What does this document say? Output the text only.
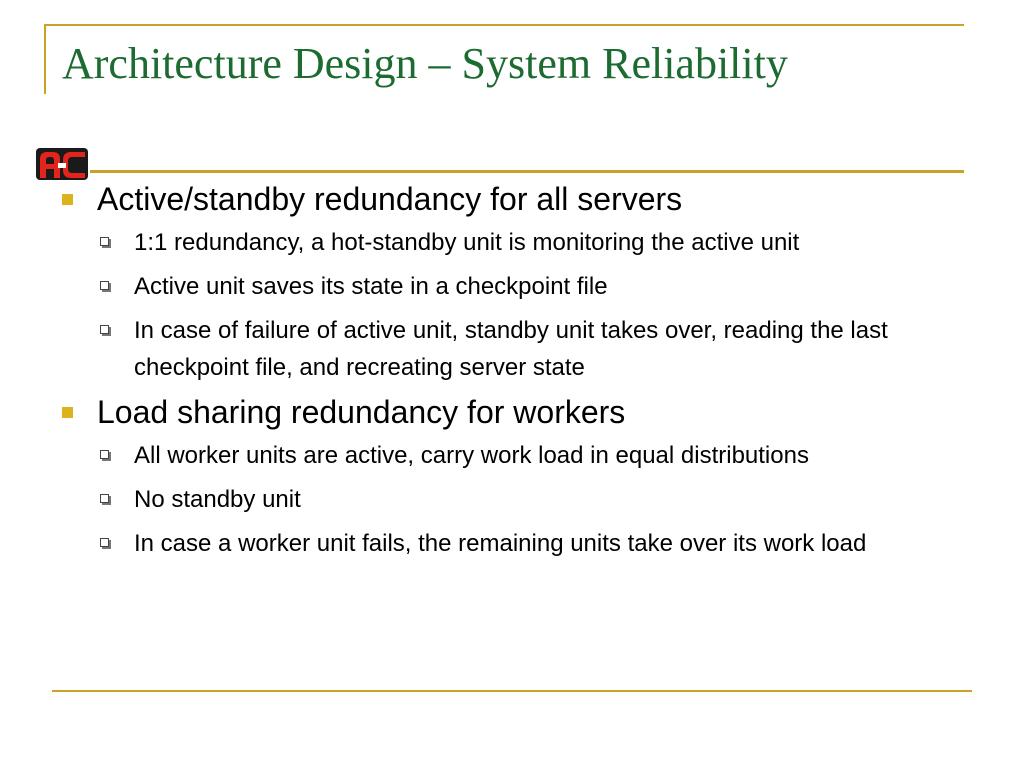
Architecture Design – System Reliability
Active/standby redundancy for all servers
1:1 redundancy, a hot-standby unit is monitoring the active unit
Active unit saves its state in a checkpoint file
In case of failure of active unit, standby unit takes over, reading the last checkpoint file, and recreating server state
Load sharing redundancy for workers
All worker units are active, carry work load in equal distributions
No standby unit
In case a worker unit fails, the remaining units take over its work load
